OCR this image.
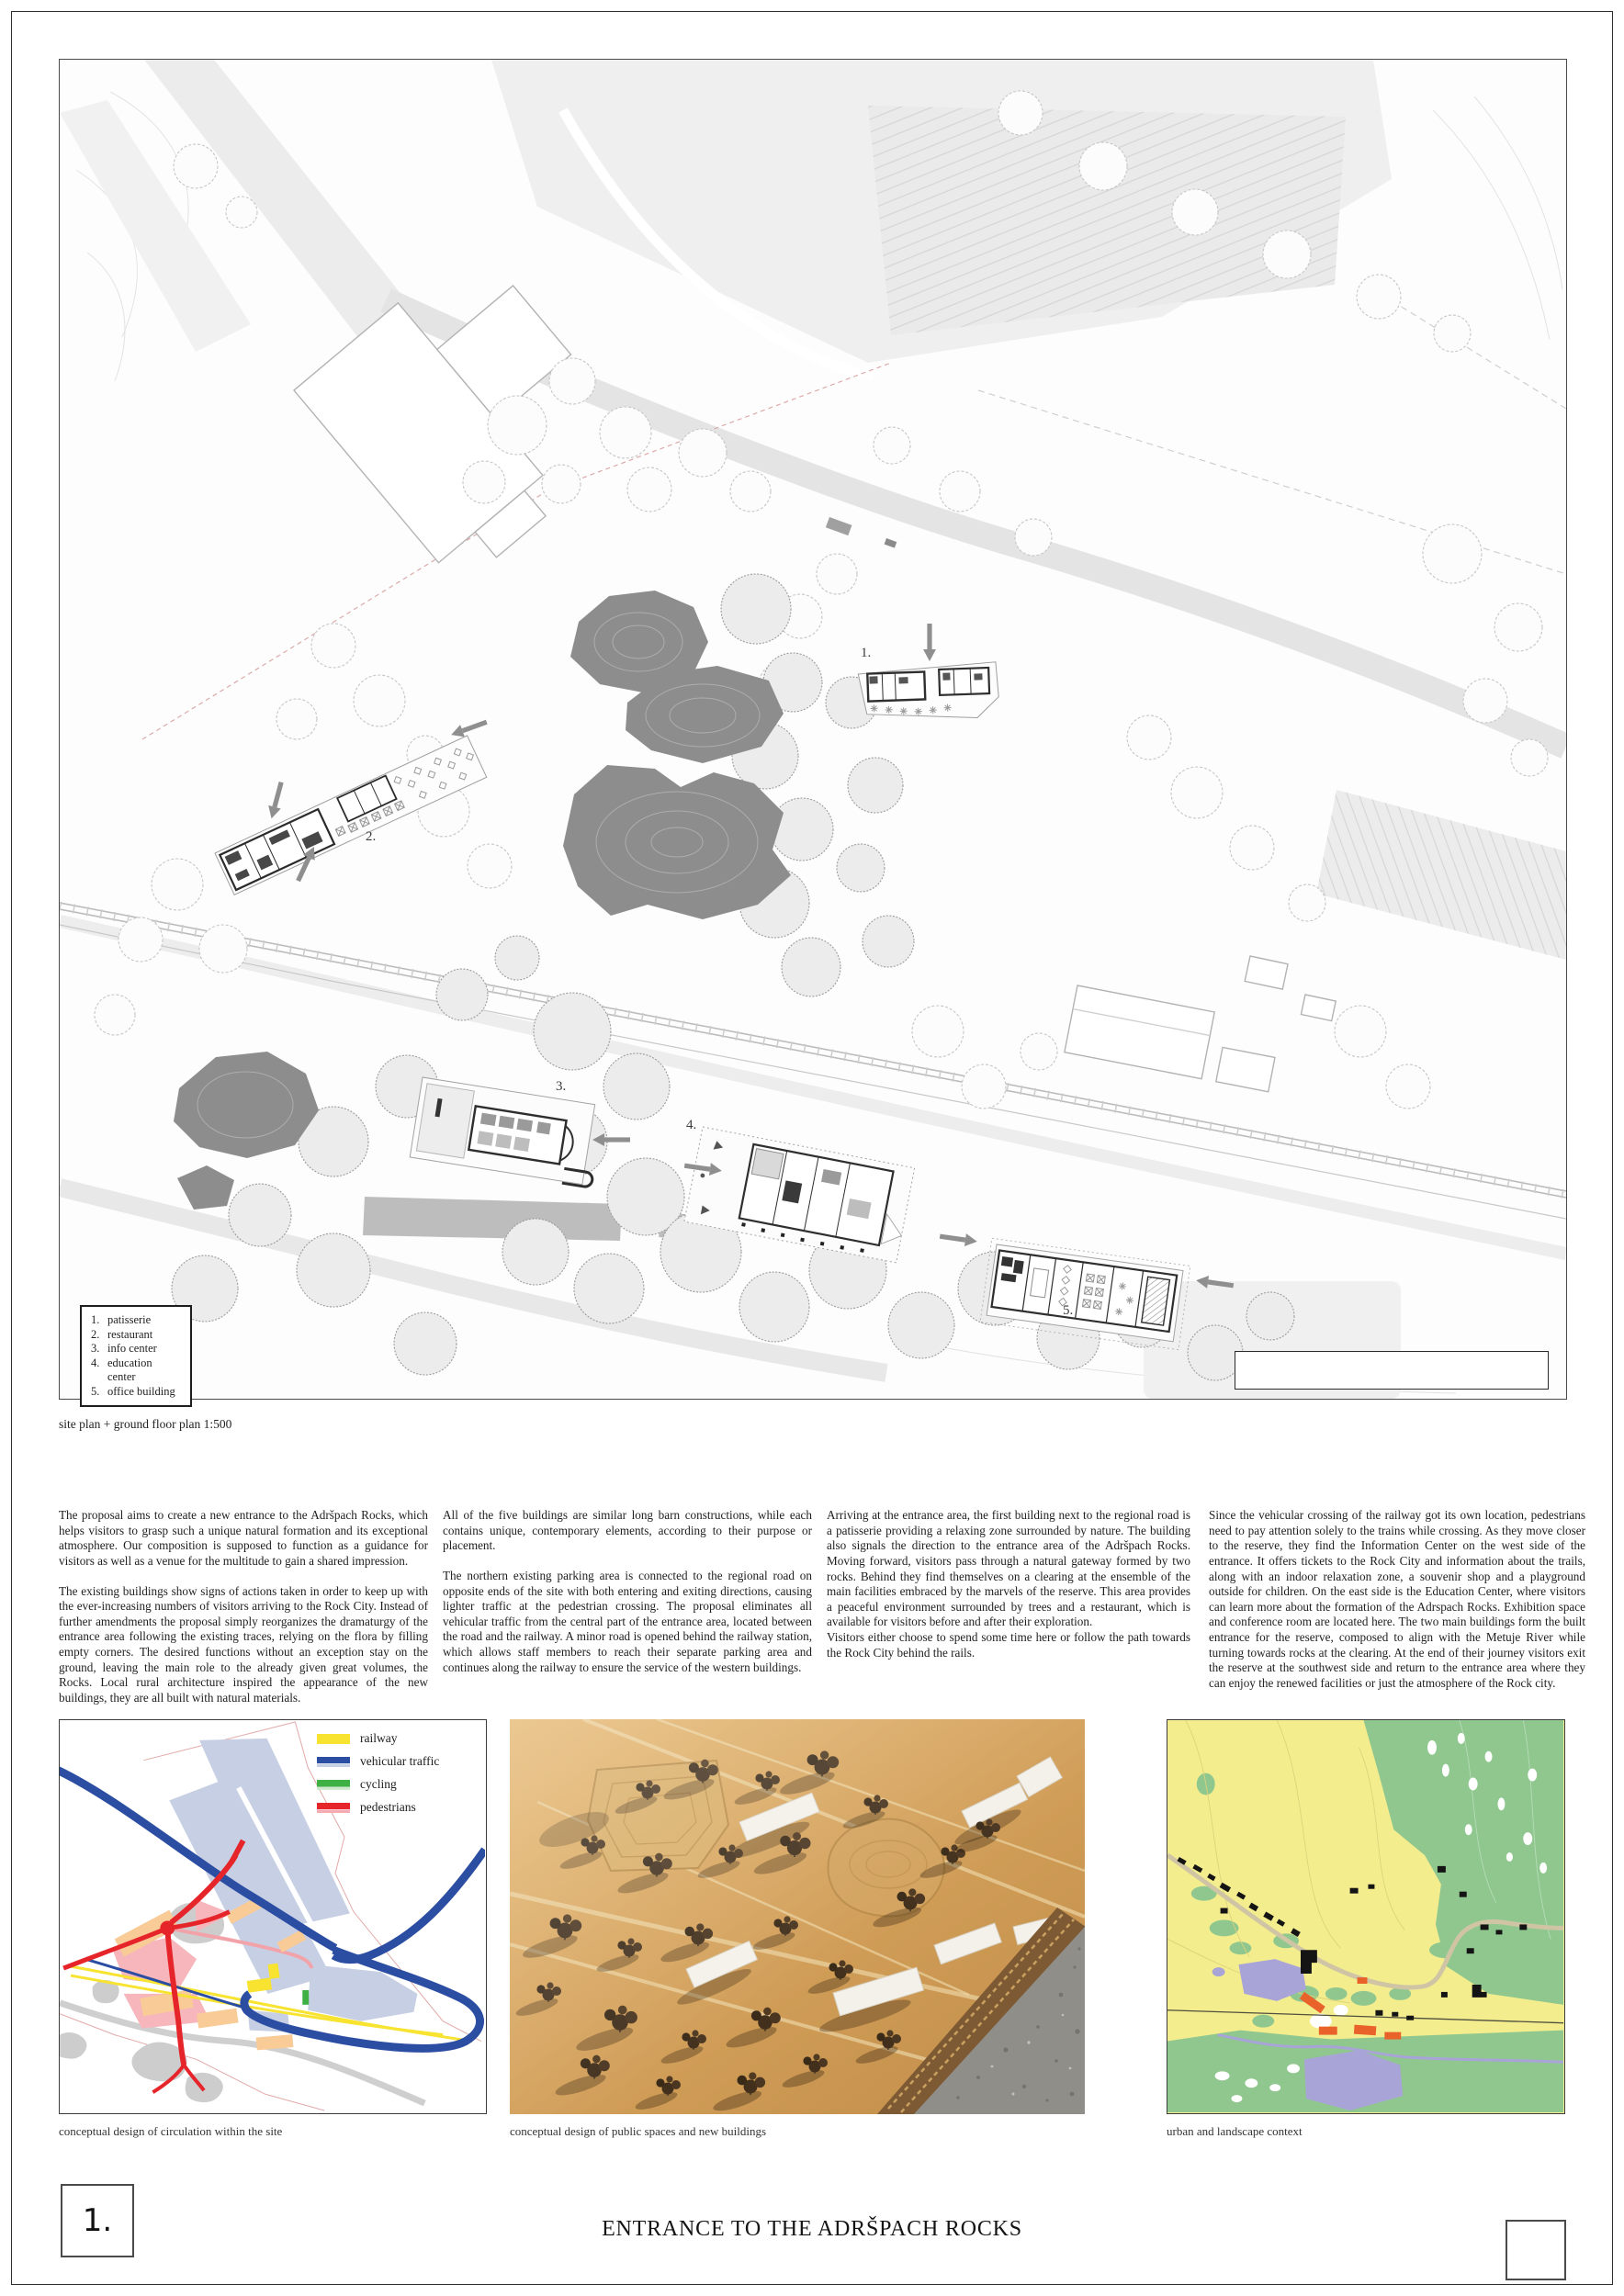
1.
2.
3.
4.
5.
1. patisserie
2. restaurant
3. info center
4. education center
5. office building
site plan + ground floor plan 1:500

The proposal aims to create a new entrance to the Adršpach Rocks, which helps visitors to grasp such a unique natural formation and its exceptional atmosphere. Our composition is supposed to function as a guidance for visitors as well as a venue for the multitude to gain a shared impression.

The existing buildings show signs of actions taken in order to keep up with the ever-increasing numbers of visitors arriving to the Rock City. Instead of further amendments the proposal simply reorganizes the dramaturgy of the entrance area following the existing traces, relying on the flora by filling empty corners. The desired functions without an exception stay on the ground, leaving the main role to the already given great volumes, the Rocks. Local rural architecture inspired the appearance of the new buildings, they are all built with natural materials.

All of the five buildings are similar long barn constructions, while each contains unique, contemporary elements, according to their purpose or placement.

The northern existing parking area is connected to the regional road on opposite ends of the site with both entering and exiting directions, causing lighter traffic at the pedestrian crossing. The proposal eliminates all vehicular traffic from the central part of the entrance area, located between the road and the railway. A minor road is opened behind the railway station, which allows staff members to reach their separate parking area and continues along the railway to ensure the service of the western buildings.

Arriving at the entrance area, the first building next to the regional road is a patisserie providing a relaxing zone surrounded by nature. The building also signals the direction to the entrance area of the Adršpach Rocks. Moving forward, visitors pass through a natural gateway formed by two rocks. Behind they find themselves on a clearing at the ensemble of the main facilities embraced by the marvels of the reserve. This area provides a peaceful environment surrounded by trees and a restaurant, which is available for visitors before and after their exploration.

Visitors either choose to spend some time here or follow the path towards the Rock City behind the rails.

Since the vehicular crossing of the railway got its own location, pedestrians need to pay attention solely to the trains while crossing. As they move closer to the reserve, they find the Information Center on the west side of the entrance. It offers tickets to the Rock City and information about the trails, along with an indoor relaxation zone, a souvenir shop and a playground outside for children. On the east side is the Education Center, where visitors can learn more about the formation of the Adrspach Rocks. Exhibition space and conference room are located here. The two main buildings form the built entrance for the reserve, composed to align with the Metuje River while turning towards rocks at the clearing. At the end of their journey visitors exit the reserve at the southwest side and return to the entrance area where they can enjoy the renewed facilities or just the atmosphere of the Rock city.

railway
vehicular traffic
cycling
pedestrians
conceptual design of circulation within the site	conceptual design of public spaces and new buildings	urban and landscape context
1.	ENTRANCE TO THE ADRŠPACH ROCKS
